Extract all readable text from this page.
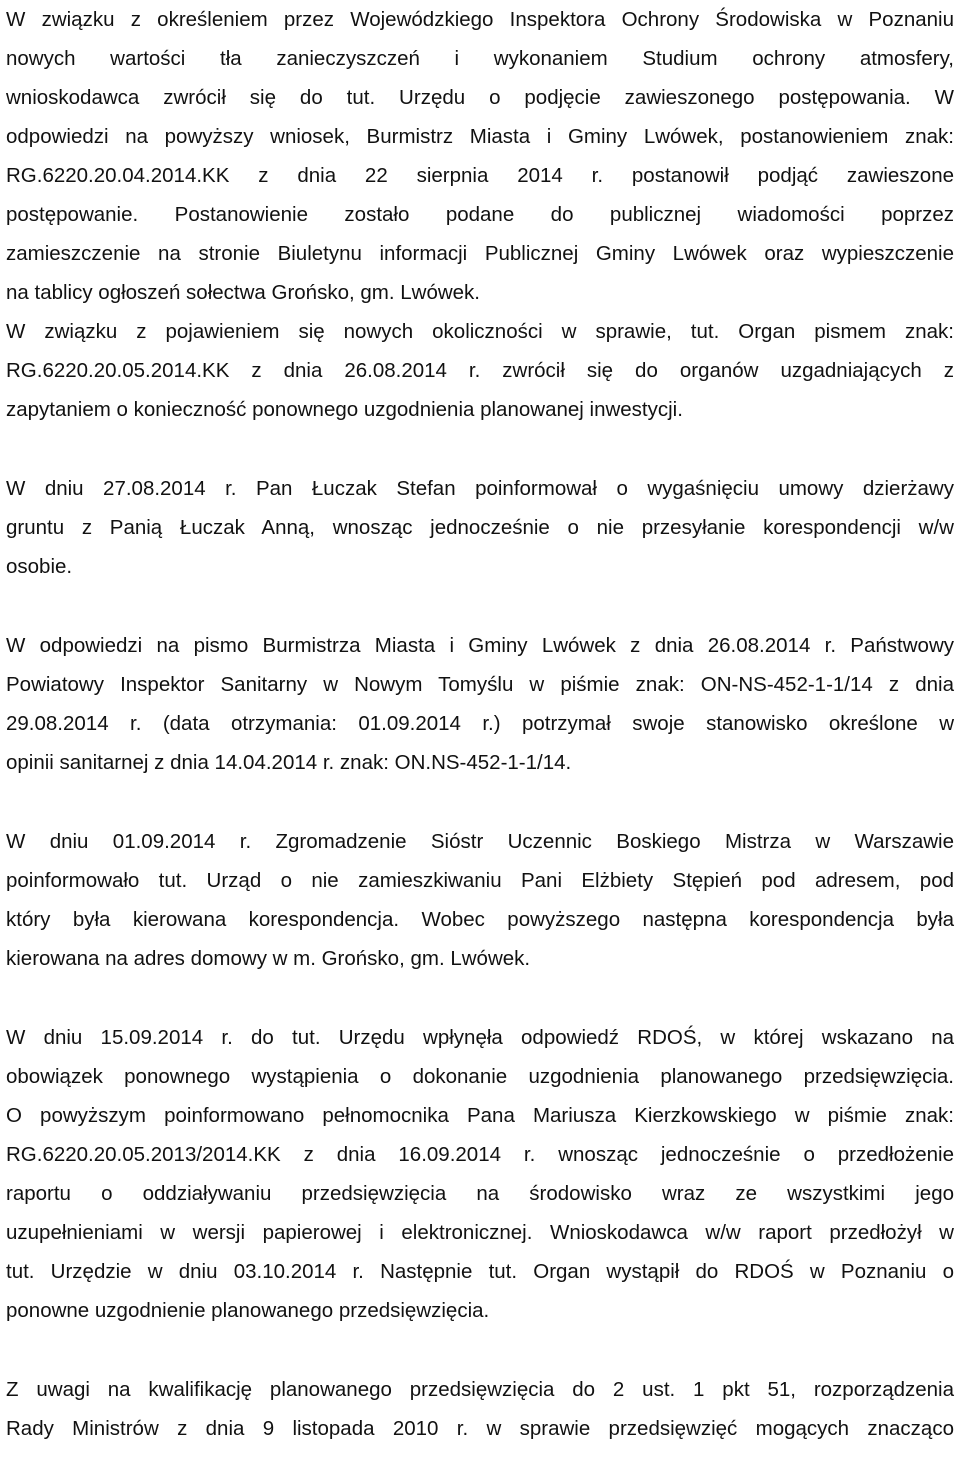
W związku z określeniem przez Wojewódzkiego Inspektora Ochrony Środowiska w Poznaniu
nowych wartości tła zanieczyszczeń i wykonaniem Studium ochrony atmosfery,
wnioskodawca zwrócił się do tut. Urzędu o podjęcie zawieszonego postępowania. W
odpowiedzi na powyższy wniosek, Burmistrz Miasta i Gminy Lwówek, postanowieniem znak:
RG.6220.20.04.2014.KK z dnia 22 sierpnia 2014 r. postanowił podjąć zawieszone
postępowanie. Postanowienie zostało podane do publicznej wiadomości poprzez
zamieszczenie na stronie Biuletynu informacji Publicznej Gminy Lwówek oraz wypieszczenie
na tablicy ogłoszeń sołectwa Grońsko, gm. Lwówek.
W związku z pojawieniem się nowych okoliczności w sprawie, tut. Organ pismem znak:
RG.6220.20.05.2014.KK z dnia 26.08.2014 r. zwrócił się do organów uzgadniających z
zapytaniem o konieczność ponownego uzgodnienia planowanej inwestycji.
W dniu 27.08.2014 r. Pan Łuczak Stefan poinformował o wygaśnięciu umowy dzierżawy
gruntu z Panią Łuczak Anną, wnosząc jednocześnie o nie przesyłanie korespondencji w/w
osobie.
W odpowiedzi na pismo Burmistrza Miasta i Gminy Lwówek z dnia 26.08.2014 r. Państwowy
Powiatowy Inspektor Sanitarny w Nowym Tomyślu w piśmie znak: ON-NS-452-1-1/14 z dnia
29.08.2014 r. (data otrzymania: 01.09.2014 r.) potrzymał swoje stanowisko określone w
opinii sanitarnej z dnia 14.04.2014 r. znak: ON.NS-452-1-1/14.
W dniu 01.09.2014 r. Zgromadzenie Sióstr Uczennic Boskiego Mistrza w Warszawie
poinformowało tut. Urząd o nie zamieszkiwaniu Pani Elżbiety Stępień pod adresem, pod
który była kierowana korespondencja. Wobec powyższego następna korespondencja była
kierowana na adres domowy w m. Grońsko, gm. Lwówek.
W dniu 15.09.2014 r. do tut. Urzędu wpłynęła odpowiedź RDOŚ, w której wskazano na
obowiązek ponownego wystąpienia o dokonanie uzgodnienia planowanego przedsięwzięcia.
O powyższym poinformowano pełnomocnika Pana Mariusza Kierzkowskiego w piśmie znak:
RG.6220.20.05.2013/2014.KK z dnia 16.09.2014 r. wnosząc jednocześnie o przedłożenie
raportu o oddziaływaniu przedsięwzięcia na środowisko wraz ze wszystkimi jego
uzupełnieniami w wersji papierowej i elektronicznej. Wnioskodawca w/w raport przedłożył w
tut. Urzędzie w dniu 03.10.2014 r. Następnie tut. Organ wystąpił do RDOŚ w Poznaniu o
ponowne uzgodnienie planowanego przedsięwzięcia.
Z uwagi na kwalifikację planowanego przedsięwzięcia do 2 ust. 1 pkt 51, rozporządzenia
Rady Ministrów z dnia 9 listopada 2010 r. w sprawie przedsięwzięć mogących znacząco
